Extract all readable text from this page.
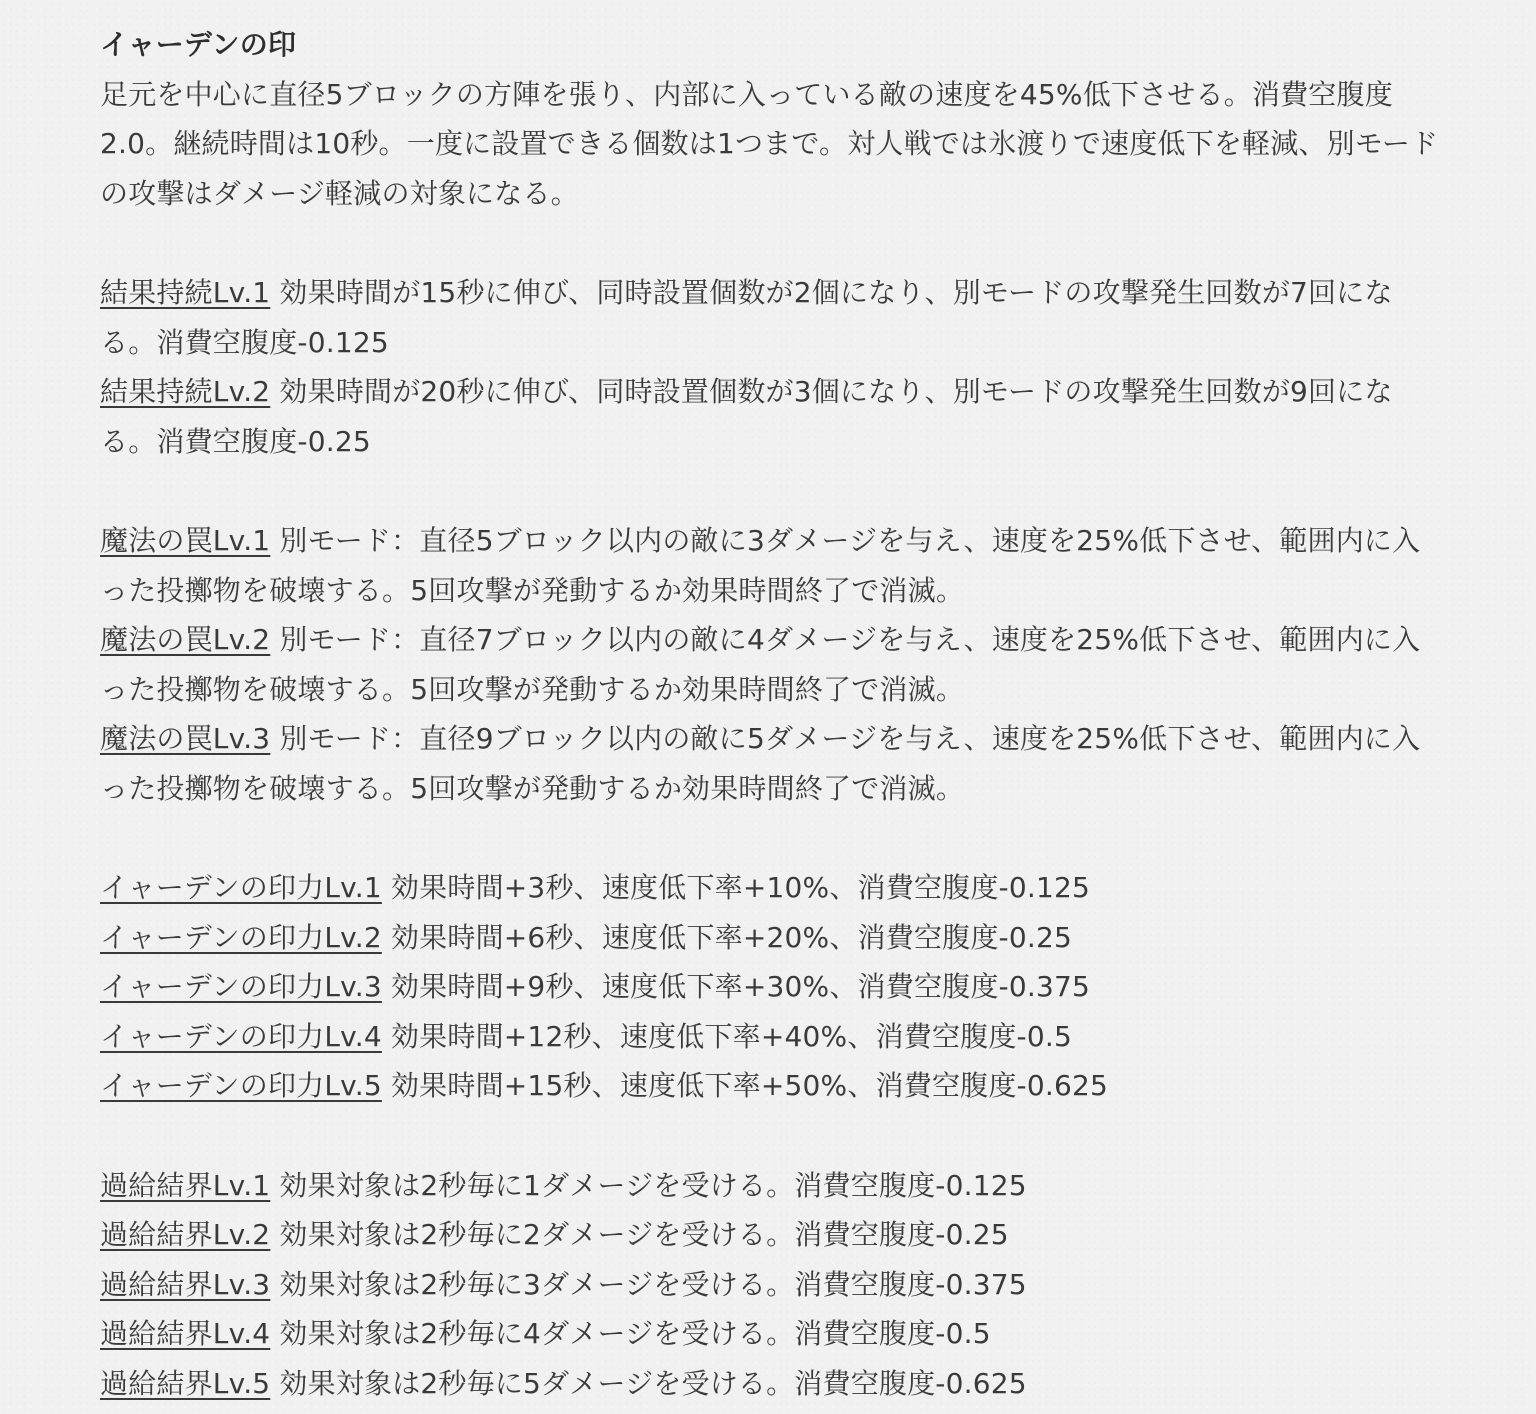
イャーデンの印
足元を中心に直径5ブロックの方陣を張り、内部に入っている敵の速度を45%低下させる。消費空腹度2.0。継続時間は10秒。一度に設置できる個数は1つまで。対人戦では氷渡りで速度低下を軽減、別モードの攻撃はダメージ軽減の対象になる。
結果持続Lv.1 効果時間が15秒に伸び、同時設置個数が2個になり、別モードの攻撃発生回数が7回になる。消費空腹度-0.125
結果持続Lv.2 効果時間が20秒に伸び、同時設置個数が3個になり、別モードの攻撃発生回数が9回になる。消費空腹度-0.25
魔法の罠Lv.1 別モード：直径5ブロック以内の敵に3ダメージを与え、速度を25%低下させ、範囲内に入った投擲物を破壊する。5回攻撃が発動するか効果時間終了で消滅。
魔法の罠Lv.2 別モード：直径7ブロック以内の敵に4ダメージを与え、速度を25%低下させ、範囲内に入った投擲物を破壊する。5回攻撃が発動するか効果時間終了で消滅。
魔法の罠Lv.3 別モード：直径9ブロック以内の敵に5ダメージを与え、速度を25%低下させ、範囲内に入った投擲物を破壊する。5回攻撃が発動するか効果時間終了で消滅。
イャーデンの印力Lv.1 効果時間+3秒、速度低下率+10%、消費空腹度-0.125
イャーデンの印力Lv.2 効果時間+6秒、速度低下率+20%、消費空腹度-0.25
イャーデンの印力Lv.3 効果時間+9秒、速度低下率+30%、消費空腹度-0.375
イャーデンの印力Lv.4 効果時間+12秒、速度低下率+40%、消費空腹度-0.5
イャーデンの印力Lv.5 効果時間+15秒、速度低下率+50%、消費空腹度-0.625
過給結界Lv.1 効果対象は2秒毎に1ダメージを受ける。消費空腹度-0.125
過給結界Lv.2 効果対象は2秒毎に2ダメージを受ける。消費空腹度-0.25
過給結界Lv.3 効果対象は2秒毎に3ダメージを受ける。消費空腹度-0.375
過給結界Lv.4 効果対象は2秒毎に4ダメージを受ける。消費空腹度-0.5
過給結界Lv.5 効果対象は2秒毎に5ダメージを受ける。消費空腹度-0.625
